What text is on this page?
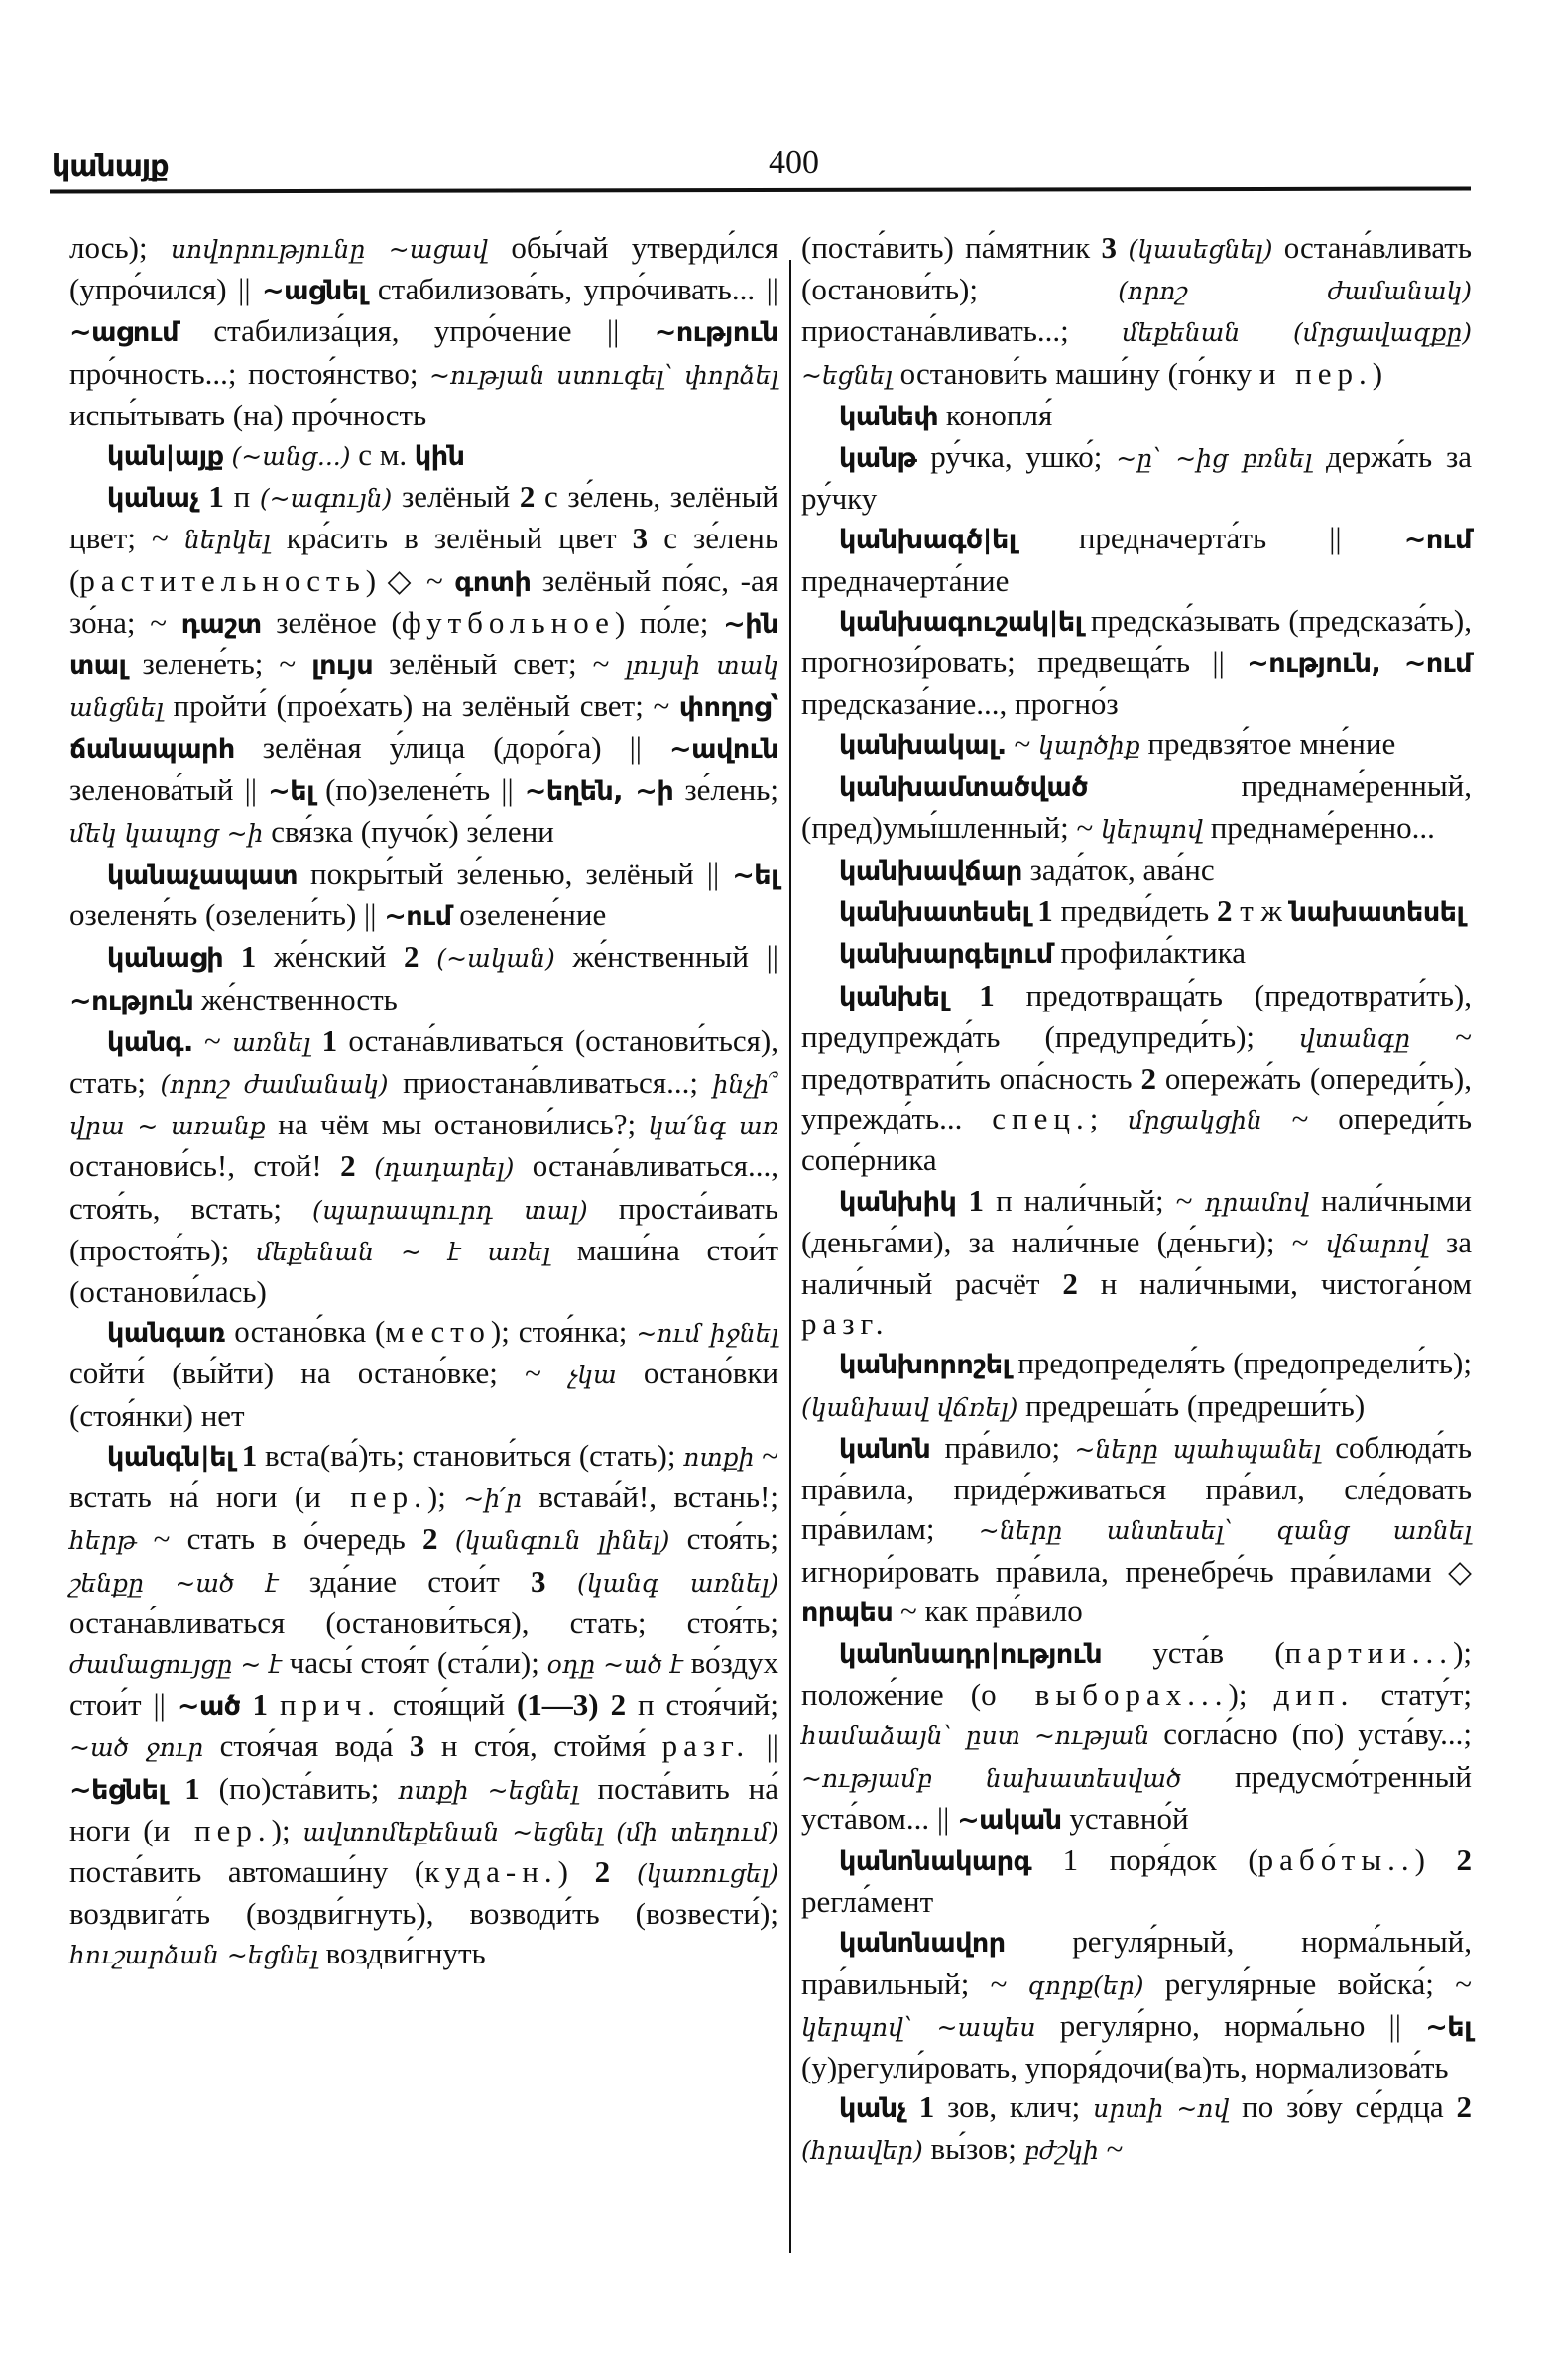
կանայք	400

лось); սովորությունը ~ացավ обы́чай утверди́лся (упро́чился) || ~ացնել стабилизова́ть, упро́чивать... || ~ացում стабилиза́ция, упро́чение || ~ություն про́чность...; постоя́нство; ~ության ստուգել՝ փորձել испы́тывать (на) про́чность

կան|այք (~անց...) с м. կին

կանաչ 1 п (~ագույն) зелёный 2 с зе́лень, зелёный цвет; ~ ներկել кра́сить в зелёный цвет 3 с зе́лень (растительность) ◇ ~ գոտի зелёный по́яс, -ая зо́на; ~ դաշտ зелёное (футбольное) по́ле; ~ին տալ зелене́ть; ~ լույս зелёный свет; ~ լույսի տակ անցնել пройти́ (прое́хать) на зелёный свет; ~ փողոց՝ ճանապարհ зелёная у́лица (доро́га) || ~ավուն зеленова́тый || ~ել (по)зелене́ть || ~եղեն, ~ի зе́лень; մեկ կապոց ~ի свя́зка (пучо́к) зе́лени

կանաչապատ покры́тый зе́ленью, зелёный || ~ել озеленя́ть (озелени́ть) || ~ում озелене́ние

կանացի 1 же́нский 2 (~ական) же́нственный || ~ություն же́нственность

կանգ. ~ առնել 1 остана́вливаться (останови́ться), стать; (որոշ ժամանակ) приостана́вливаться...; ինչի՞ վրա ~ առանք на чём мы останови́лись?; կա՛նգ առ останови́сь!, стой! 2 (դադարել) остана́вливаться..., стоя́ть, встать; (պարապուրդ տալ) проста́ивать (простоя́ть); մեքենան ~ է առել маши́на стои́т (останови́лась)

կանգառ остано́вка (место); стоя́нка; ~ում իջնել сойти́ (вы́йти) на остано́вке; ~ չկա остано́вки (стоя́нки) нет

կանգն|ել 1 вста(ва́)ть; станови́ться (стать); ոտքի ~ встать на́ ноги (и пер.); ~ի՛ր встава́й!, встань!; հերթ ~ стать в о́чередь 2 (կանգուն լինել) стоя́ть; շենքը ~ած է зда́ние стои́т 3 (կանգ առնել) остана́вливаться (останови́ться), стать; стоя́ть; ժամացույցը ~ է часы́ стоя́т (ста́ли); օդը ~ած է во́здух стои́т || ~ած 1 прич. стоя́щий (1—3) 2 п стоя́чий; ~ած ջուր стоя́чая вода́ 3 н сто́я, стоймя́ разг. || ~եցնել 1 (по)ста́вить; ոտքի ~եցնել поста́вить на́ ноги (и пер.); ավտոմեքենան ~եցնել (մի տեղում) поста́вить автомаши́ну (куда-н.) 2 (կառուցել) воздвига́ть (воздви́гнуть), возводи́ть (возвести́); հուշարձան ~եցնել воздви́гнуть

(поста́вить) па́мятник 3 (կասեցնել) остана́вливать (останови́ть); (որոշ ժամանակ) приостана́вливать...; մեքենան (մրցավազքը) ~եցնել останови́ть маши́ну (го́нку и пер.)

կանեփ конопля́

կանթ ру́чка, ушко́; ~ը՝ ~ից բռնել держа́ть за ру́чку

կանխագծ|ել предначерта́ть || ~ում предначерта́ние

կանխագուշակ|ել предска́зывать (предсказа́ть), прогнози́ровать; предвеща́ть || ~ություն, ~ում предсказа́ние..., прогно́з

կանխակալ. ~ կարծիք предвзя́тое мне́ние

կանխամտածված преднаме́ренный, (пред)умы́шленный; ~ կերպով преднаме́ренно...

կանխավճար зада́ток, ава́нс

կանխատեսել 1 предви́деть 2 т ж նախատեսել

կանխարգելում профила́ктика

կանխել 1 предотвраща́ть (предотврати́ть), предупрежда́ть (предупреди́ть); վտանգը ~ предотврати́ть опа́сность 2 опережа́ть (опереди́ть), упрежда́ть... спец.; մրցակցին ~ опереди́ть сопе́рника

կանխիկ 1 п нали́чный; ~ դրամով нали́чными (деньга́ми), за нали́чные (де́ньги); ~ վճարով за нали́чный расчёт 2 н нали́чными, чистога́ном разг.

կանխորոշել предопределя́ть (предопредели́ть); (կանխավ վճռել) предреша́ть (предреши́ть)

կանոն пра́вило; ~ները պահպանել соблюда́ть пра́вила, приде́рживаться пра́вил, сле́довать пра́вилам; ~ները անտեսել՝ զանց առնել игнори́ровать пра́вила, пренебре́чь пра́вилами ◇ որպես ~ как пра́вило

կանոնադր|ություն уста́в (партии...); положе́ние (о выборах...); дип. стату́т; համաձայն՝ ըստ ~ության согла́сно (по) уста́ву...; ~ությամբ նախատեսված предусмо́тренный уста́вом... || ~ական уставно́й

կանոնակարգ 1 поря́док (рабо́ты..) 2 регла́мент

կանոնավոր регуля́рный, норма́льный, пра́вильный; ~ զորք(եր) регуля́рные войска́; ~ կերպով՝ ~ապես регуля́рно, норма́льно || ~ել (у)регули́ровать, упоря́дочи(ва)ть, нормализова́ть

կանչ 1 зов, клич; սրտի ~ով по зо́ву се́рдца 2 (հրավեր) вы́зов; բժշկի ~
